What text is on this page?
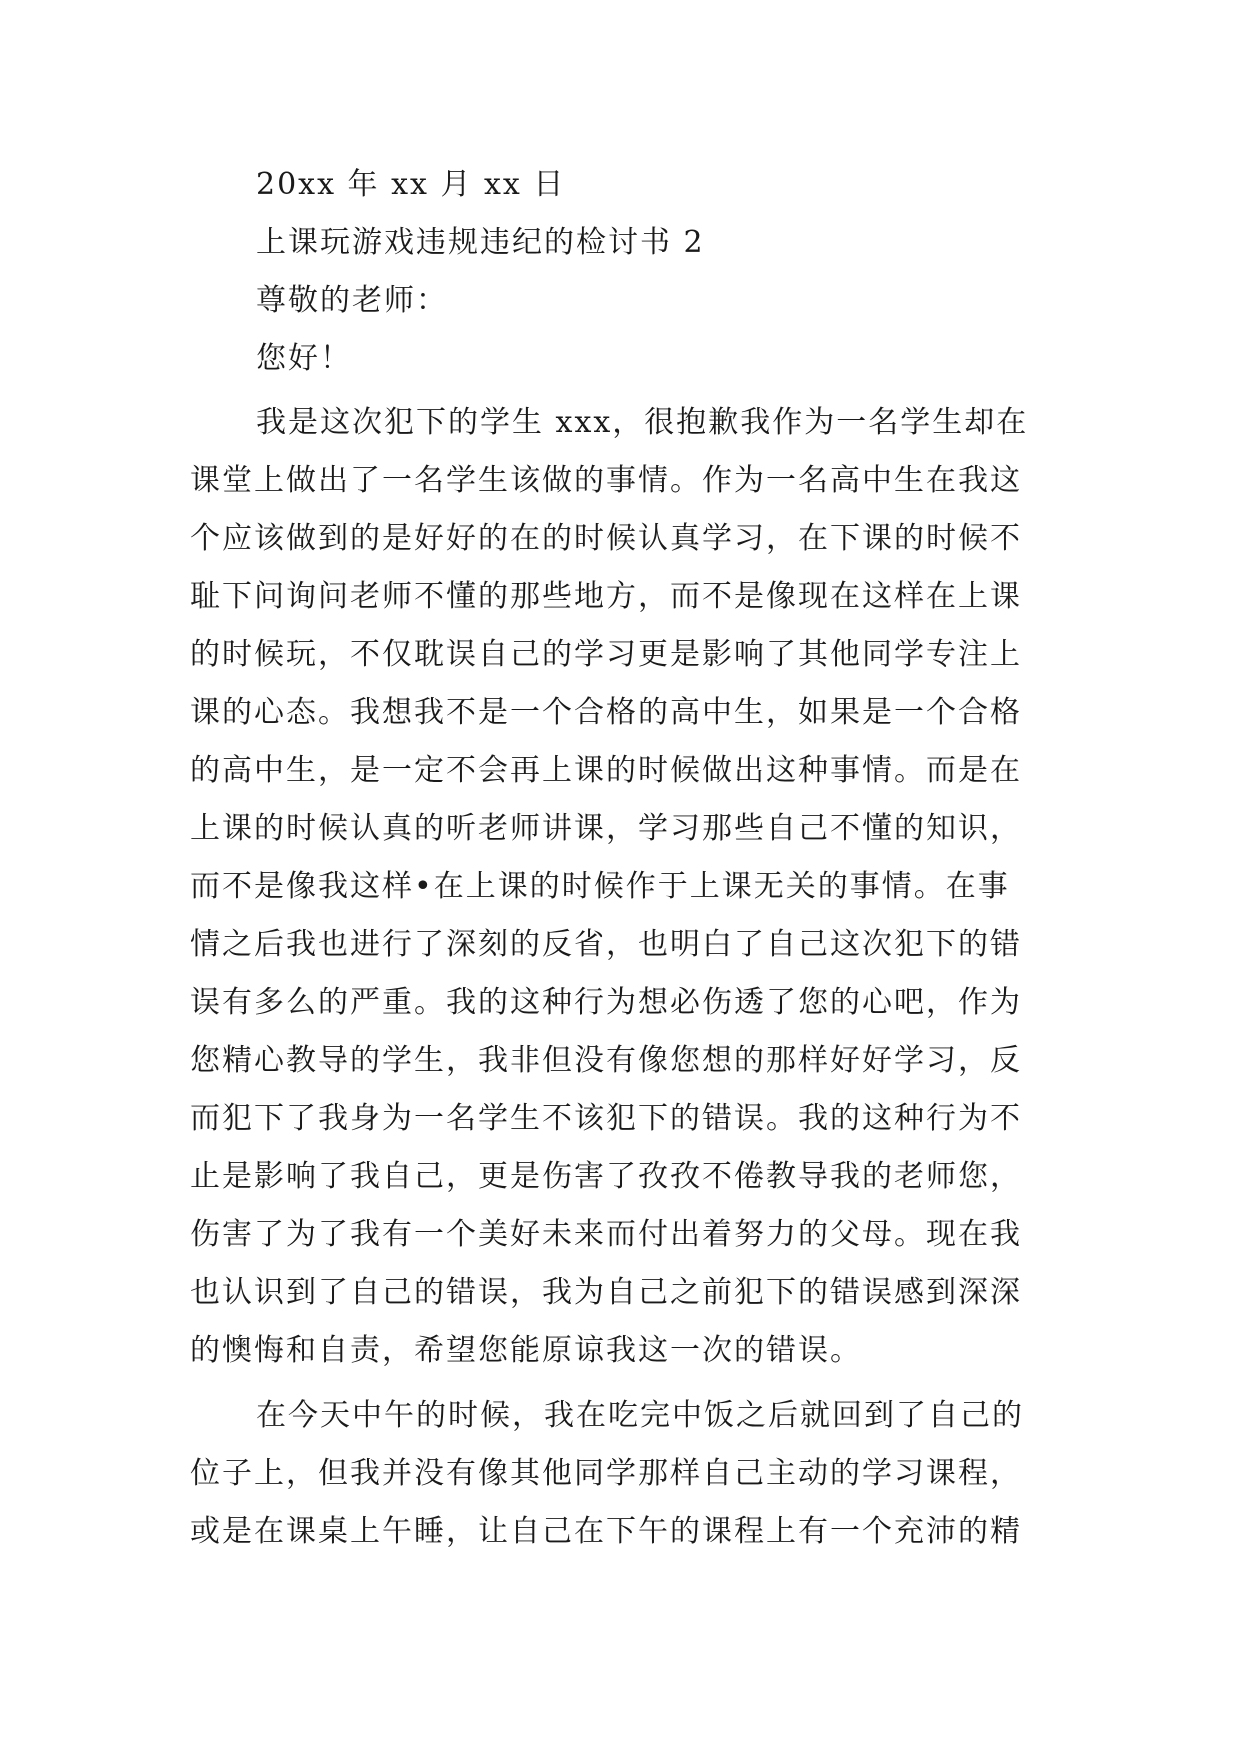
20xx 年 xx 月 xx 日
上课玩游戏违规违纪的检讨书 2
尊敬的老师：
您好！
我是这次犯下的学生 xxx，很抱歉我作为一名学生却在
课堂上做出了一名学生该做的事情。作为一名高中生在我这
个应该做到的是好好的在的时候认真学习，在下课的时候不
耻下问询问老师不懂的那些地方，而不是像现在这样在上课
的时候玩，不仅耽误自己的学习更是影响了其他同学专注上
课的心态。我想我不是一个合格的高中生，如果是一个合格
的高中生，是一定不会再上课的时候做出这种事情。而是在
上课的时候认真的听老师讲课，学习那些自己不懂的知识，
而不是像我这样•在上课的时候作于上课无关的事情。在事
情之后我也进行了深刻的反省，也明白了自己这次犯下的错
误有多么的严重。我的这种行为想必伤透了您的心吧，作为
您精心教导的学生，我非但没有像您想的那样好好学习，反
而犯下了我身为一名学生不该犯下的错误。我的这种行为不
止是影响了我自己，更是伤害了孜孜不倦教导我的老师您，
伤害了为了我有一个美好未来而付出着努力的父母。现在我
也认识到了自己的错误，我为自己之前犯下的错误感到深深
的懊悔和自责，希望您能原谅我这一次的错误。
在今天中午的时候，我在吃完中饭之后就回到了自己的
位子上，但我并没有像其他同学那样自己主动的学习课程，
或是在课桌上午睡，让自己在下午的课程上有一个充沛的精
